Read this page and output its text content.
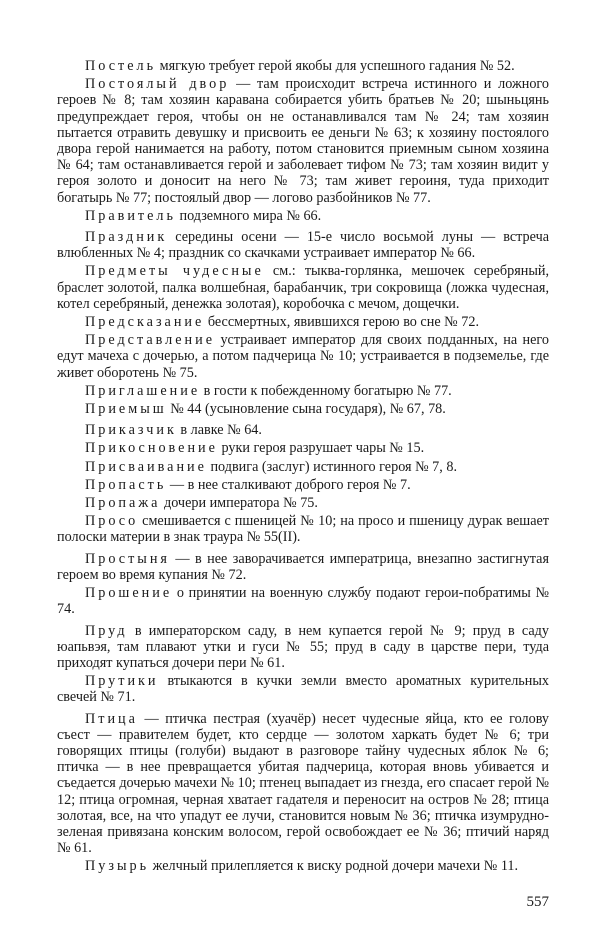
Постель мягкую требует герой якобы для успешного гадания № 52.

Постоялый двор — там происходит встреча истинного и ложного героев № 8; там хозяин каравана собирается убить братьев № 20; шыньцянь предупреждает героя, чтобы он не останавливался там № 24; там хозяин пытается отравить девушку и присвоить ее деньги № 63; к хозяину постоялого двора герой нанимается на работу, потом становится приемным сыном хозяина № 64; там останавливается герой и заболевает тифом № 73; там хозяин видит у героя золото и доносит на него № 73; там живет героиня, туда приходит богатырь № 77; постоялый двор — логово разбойников № 77.

Правитель подземного мира № 66.

Праздник середины осени — 15-е число восьмой луны — встреча влюбленных № 4; праздник со скачками устраивает император № 66.

Предметы чудесные см.: тыква-горлянка, мешочек серебряный, браслет золотой, палка волшебная, барабанчик, три сокровища (ложка чудесная, котел серебряный, денежка золотая), коробочка с мечом, дощечки.

Предсказание бессмертных, явившихся герою во сне № 72.

Представление устраивает император для своих подданных, на него едут мачеха с дочерью, а потом падчерица № 10; устраивается в подземелье, где живет оборотень № 75.

Приглашение в гости к побежденному богатырю № 77.

Приемыш № 44 (усыновление сына государя), № 67, 78.

Приказчик в лавке № 64.

Прикосновение руки героя разрушает чары № 15.

Присваивание подвига (заслуг) истинного героя № 7, 8.

Пропасть — в нее сталкивают доброго героя № 7.

Пропажа дочери императора № 75.

Просо смешивается с пшеницей № 10; на просо и пшеницу дурак вешает полоски материи в знак траура № 55(II).

Простыня — в нее заворачивается императрица, внезапно застигнутая героем во время купания № 72.

Прошение о принятии на военную службу подают герои-побратимы № 74.

Пруд в императорском саду, в нем купается герой № 9; пруд в саду юапьвэя, там плавают утки и гуси № 55; пруд в саду в царстве пери, туда приходят купаться дочери пери № 61.

Прутики втыкаются в кучки земли вместо ароматных курительных свечей № 71.

Птица — птичка пестрая (хуачёр) несет чудесные яйца, кто ее голову съест — правителем будет, кто сердце — золотом харкать будет № 6; три говорящих птицы (голуби) выдают в разговоре тайну чудесных яблок № 6; птичка — в нее превращается убитая падчерица, которая вновь убивается и съедается дочерью мачехи № 10; птенец выпадает из гнезда, его спасает герой № 12; птица огромная, черная хватает гадателя и переносит на остров № 28; птица золотая, все, на что упадут ее лучи, становится новым № 36; птичка изумрудно-зеленая привязана конским волосом, герой освобождает ее № 36; птичий наряд № 61.

Пузырь желчный прилепляется к виску родной дочери мачехи № 11.

557
